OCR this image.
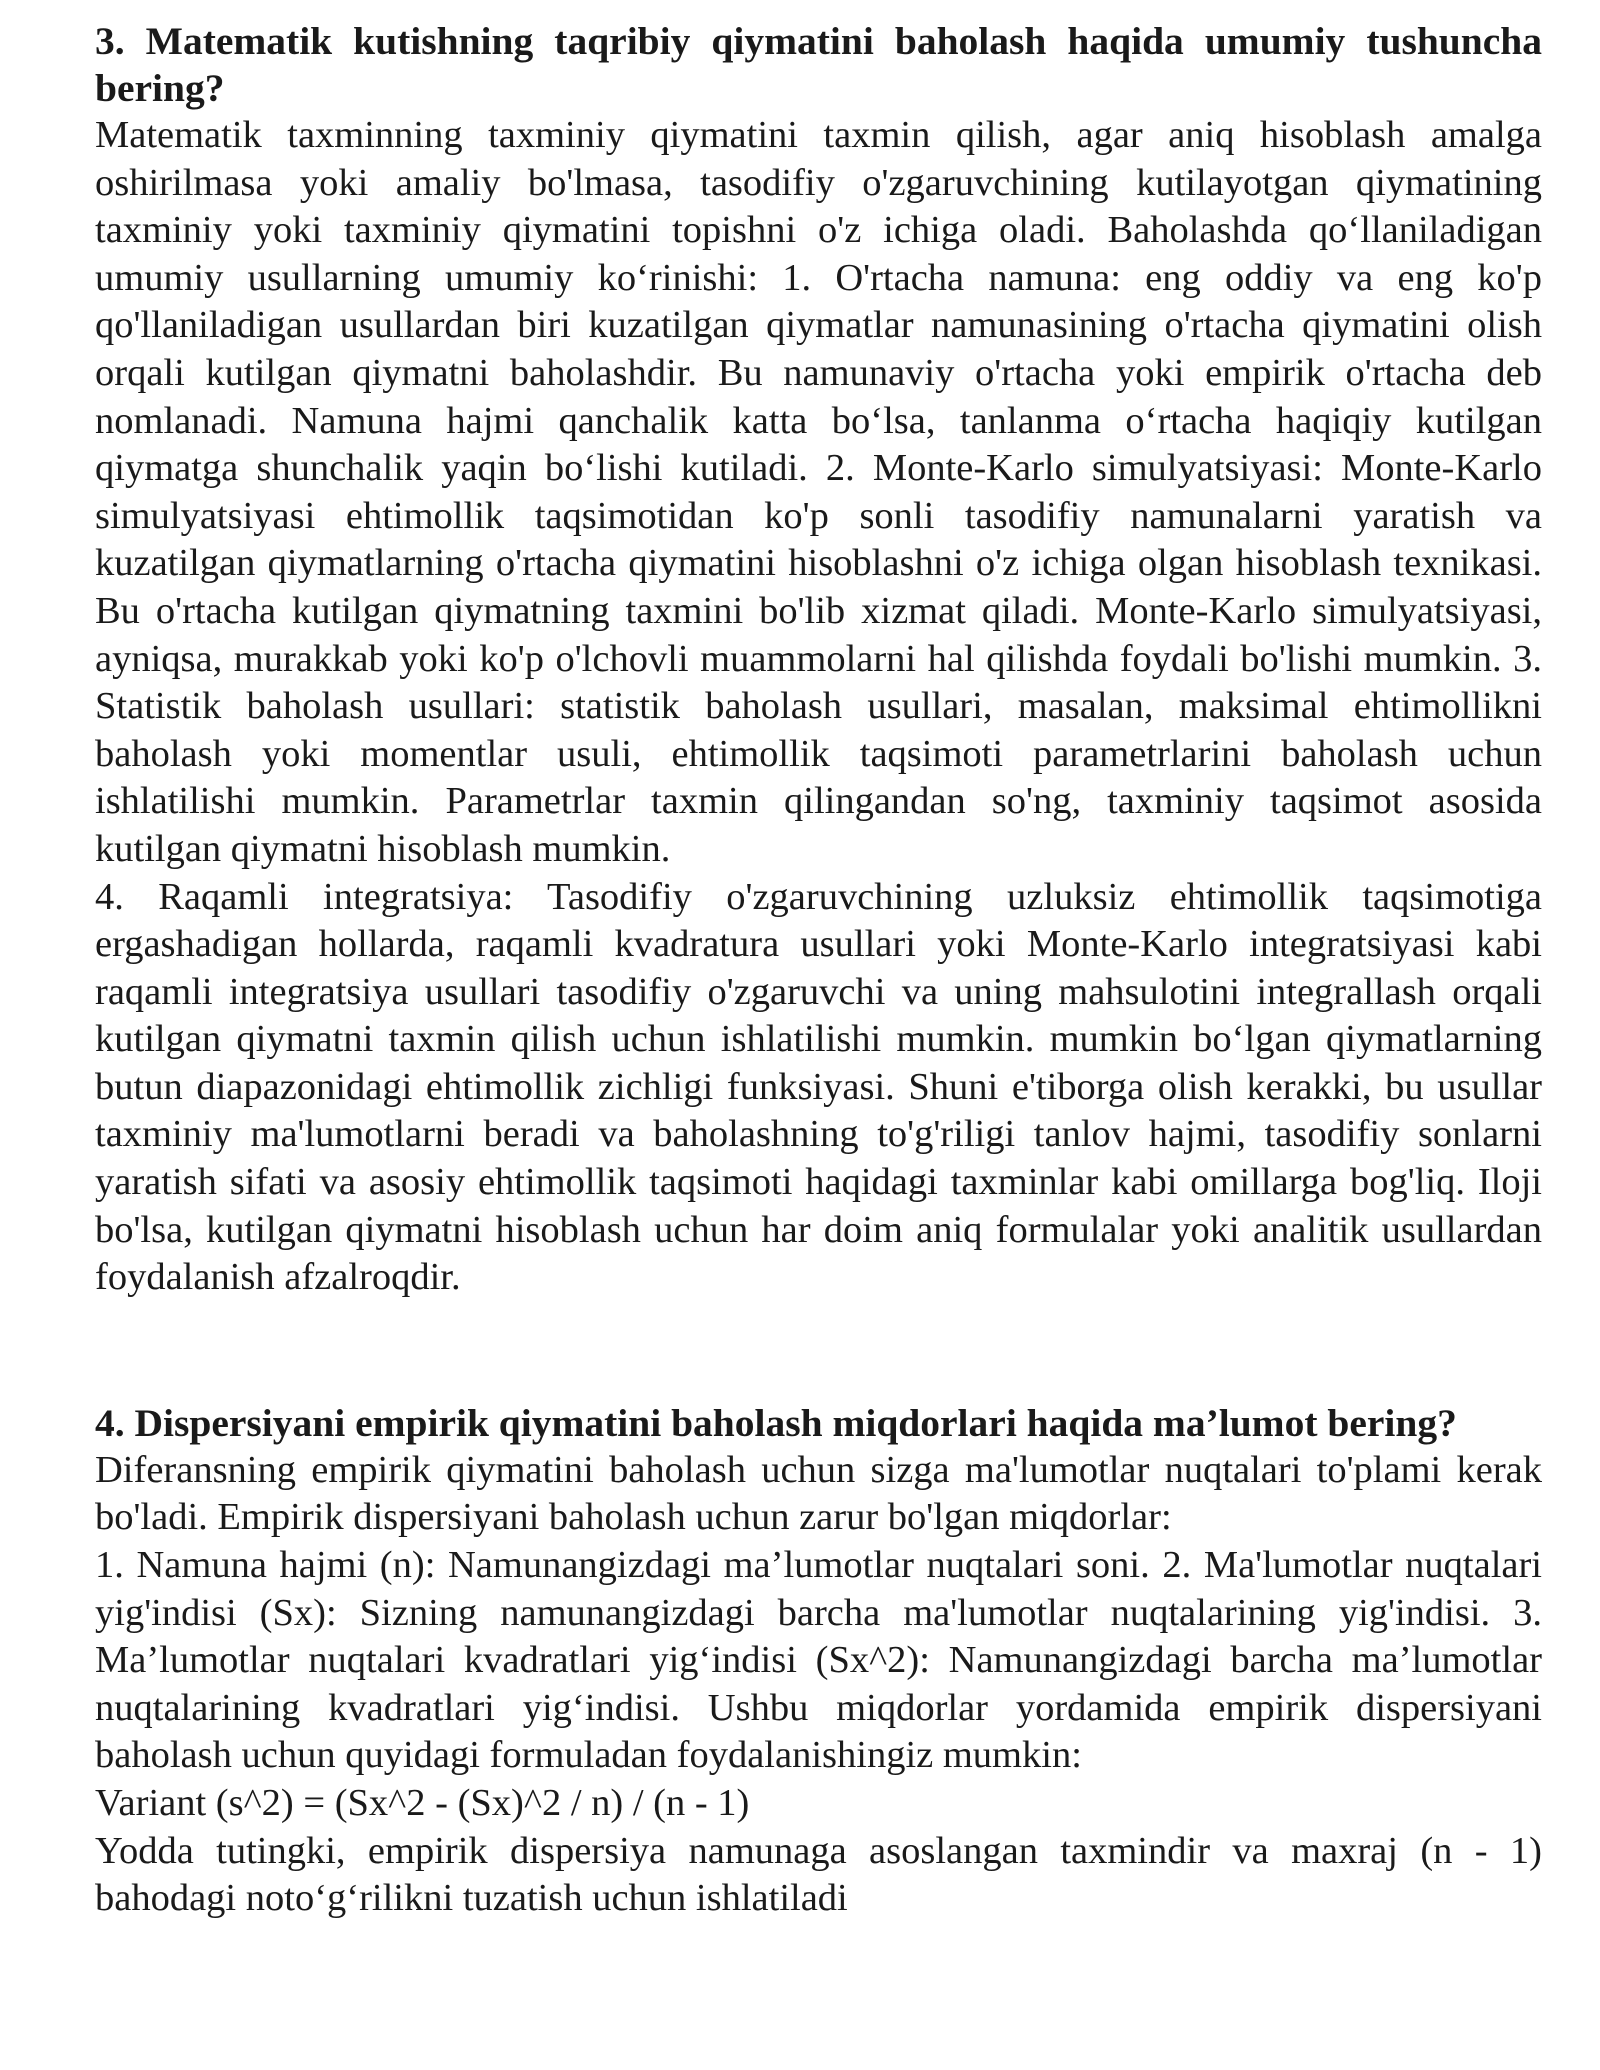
3. Matematik kutishning taqribiy qiymatini baholash haqida umumiy tushuncha bering?

Matematik taxminning taxminiy qiymatini taxmin qilish, agar aniq hisoblash amalga oshirilmasa yoki amaliy bo'lmasa, tasodifiy o'zgaruvchining kutilayotgan qiymatining taxminiy yoki taxminiy qiymatini topishni o'z ichiga oladi. Baholashda qo‘llaniladigan umumiy usullarning umumiy ko‘rinishi: 1. O'rtacha namuna: eng oddiy va eng ko'p qo'llaniladigan usullardan biri kuzatilgan qiymatlar namunasining o'rtacha qiymatini olish orqali kutilgan qiymatni baholashdir. Bu namunaviy o'rtacha yoki empirik o'rtacha deb nomlanadi. Namuna hajmi qanchalik katta bo‘lsa, tanlanma o‘rtacha haqiqiy kutilgan qiymatga shunchalik yaqin bo‘lishi kutiladi. 2. Monte-Karlo simulyatsiyasi: Monte-Karlo simulyatsiyasi ehtimollik taqsimotidan ko'p sonli tasodifiy namunalarni yaratish va kuzatilgan qiymatlarning o'rtacha qiymatini hisoblashni o'z ichiga olgan hisoblash texnikasi. Bu o'rtacha kutilgan qiymatning taxmini bo'lib xizmat qiladi. Monte-Karlo simulyatsiyasi, ayniqsa, murakkab yoki ko'p o'lchovli muammolarni hal qilishda foydali bo'lishi mumkin. 3. Statistik baholash usullari: statistik baholash usullari, masalan, maksimal ehtimollikni baholash yoki momentlar usuli, ehtimollik taqsimoti parametrlarini baholash uchun ishlatilishi mumkin. Parametrlar taxmin qilingandan so'ng, taxminiy taqsimot asosida kutilgan qiymatni hisoblash mumkin.

4. Raqamli integratsiya: Tasodifiy o'zgaruvchining uzluksiz ehtimollik taqsimotiga ergashadigan hollarda, raqamli kvadratura usullari yoki Monte-Karlo integratsiyasi kabi raqamli integratsiya usullari tasodifiy o'zgaruvchi va uning mahsulotini integrallash orqali kutilgan qiymatni taxmin qilish uchun ishlatilishi mumkin. mumkin bo‘lgan qiymatlarning butun diapazonidagi ehtimollik zichligi funksiyasi. Shuni e'tiborga olish kerakki, bu usullar taxminiy ma'lumotlarni beradi va baholashning to'g'riligi tanlov hajmi, tasodifiy sonlarni yaratish sifati va asosiy ehtimollik taqsimoti haqidagi taxminlar kabi omillarga bog'liq. Iloji bo'lsa, kutilgan qiymatni hisoblash uchun har doim aniq formulalar yoki analitik usullardan foydalanish afzalroqdir.

4. Dispersiyani empirik qiymatini baholash miqdorlari haqida ma’lumot bering?

Diferansning empirik qiymatini baholash uchun sizga ma'lumotlar nuqtalari to'plami kerak bo'ladi. Empirik dispersiyani baholash uchun zarur bo'lgan miqdorlar:

1. Namuna hajmi (n): Namunangizdagi ma’lumotlar nuqtalari soni. 2. Ma'lumotlar nuqtalari yig'indisi (Sx): Sizning namunangizdagi barcha ma'lumotlar nuqtalarining yig'indisi. 3. Ma’lumotlar nuqtalari kvadratlari yig‘indisi (Sx^2): Namunangizdagi barcha ma’lumotlar nuqtalarining kvadratlari yig‘indisi. Ushbu miqdorlar yordamida empirik dispersiyani baholash uchun quyidagi formuladan foydalanishingiz mumkin:

Variant (s^2) = (Sx^2 - (Sx)^2 / n) / (n - 1)

Yodda tutingki, empirik dispersiya namunaga asoslangan taxmindir va maxraj (n - 1) bahodagi noto‘g‘rilikni tuzatish uchun ishlatiladi
